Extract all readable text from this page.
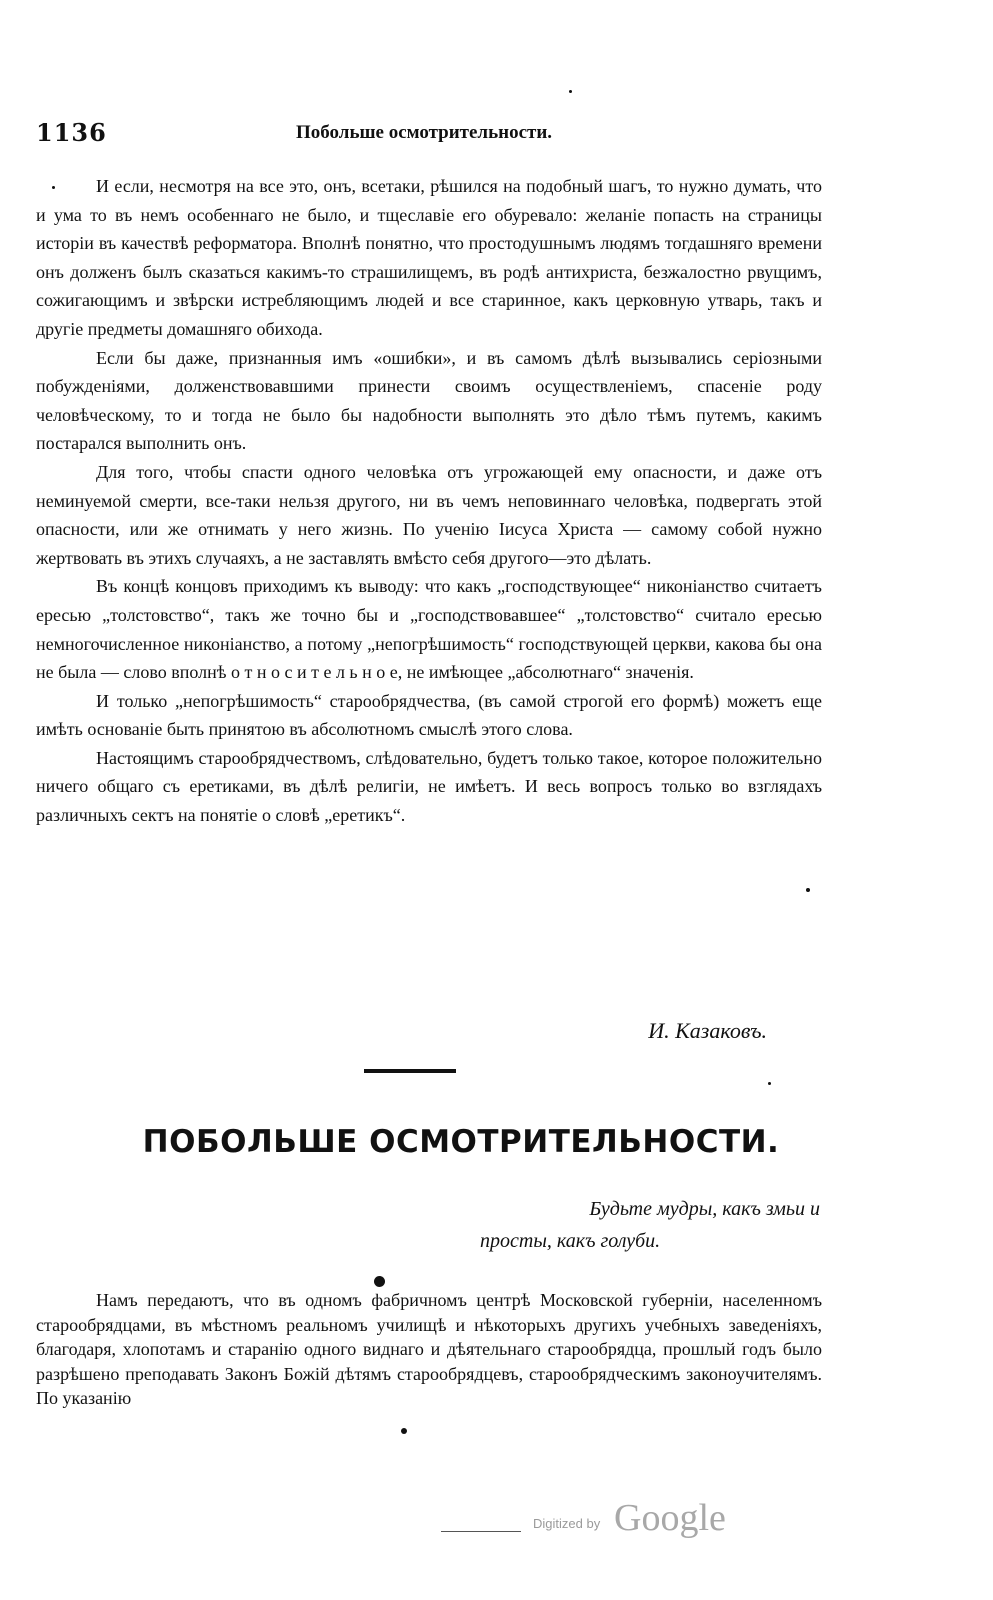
1136	Побольше осмотрительности.

И если, несмотря на все это, онъ, всетаки, рѣшился на подобный шагъ, то нужно думать, что и ума то въ немъ особеннаго не было, и тщеславіе его обуревало: желаніе попасть на страницы исторіи въ качествѣ реформатора. Вполнѣ понятно, что простодушнымъ людямъ тогдашняго времени онъ долженъ былъ сказаться какимъ-то страшилищемъ, въ родѣ антихриста, безжалостно рвущимъ, сожигающимъ и звѣрски истребляющимъ людей и все старинное, какъ церковную утварь, такъ и другіе предметы домашняго обихода.

Если бы даже, признанныя имъ «ошибки», и въ самомъ дѣлѣ вызывались серіозными побужденіями, долженствовавшими принести своимъ осуществленіемъ, спасеніе роду человѣческому, то и тогда не было бы надобности выполнять это дѣло тѣмъ путемъ, какимъ постарался выполнить онъ.

Для того, чтобы спасти одного человѣка отъ угрожающей ему опасности, и даже отъ неминуемой смерти, все-таки нельзя другого, ни въ чемъ неповиннаго человѣка, подвергать этой опасности, или же отнимать у него жизнь. По ученію Іисуса Христа — самому собой нужно жертвовать въ этихъ случаяхъ, а не заставлять вмѣсто себя другого—это дѣлать.

Въ концѣ концовъ приходимъ къ выводу: что какъ „господствующее“ никоніанство считаетъ ересью „толстовство“, такъ же точно бы и „господствовавшее“ „толстовство“ считало ересью немногочисленное никоніанство, а потому „непогрѣшимость“ господствующей церкви, какова бы она не была — слово вполнѣ о т н о с и т е л ь н о е, не имѣющее „абсолютнаго“ значенія.

И только „непогрѣшимость“ старообрядчества, (въ самой строгой его формѣ) можетъ еще имѣть основаніе быть принятою въ абсолютномъ смыслѣ этого слова.

Настоящимъ старообрядчествомъ, слѣдовательно, будетъ только такое, которое положительно ничего общаго съ еретиками, въ дѣлѣ религіи, не имѣетъ. И весь вопросъ только во взглядахъ различныхъ сектъ на понятіе о словѣ „еретикъ“.

И. Казаковъ.
ПОБОЛЬШЕ ОСМОТРИТЕЛЬНОСТИ.
Будьте мудры, какъ змьи и
просты, какъ голуби.

Намъ передаютъ, что въ одномъ фабричномъ центрѣ Московской губерніи, населенномъ старообрядцами, въ мѣстномъ реальномъ училищѣ и нѣкоторыхъ другихъ учебныхъ заведеніяхъ, благодаря, хлопотамъ и старанію одного виднаго и дѣятельнаго старообрядца, прошлый годъ было разрѣшено преподавать Законъ Божій дѣтямъ старообрядцевъ, старообрядческимъ законоучителямъ. По указанію

Digitized by Google
